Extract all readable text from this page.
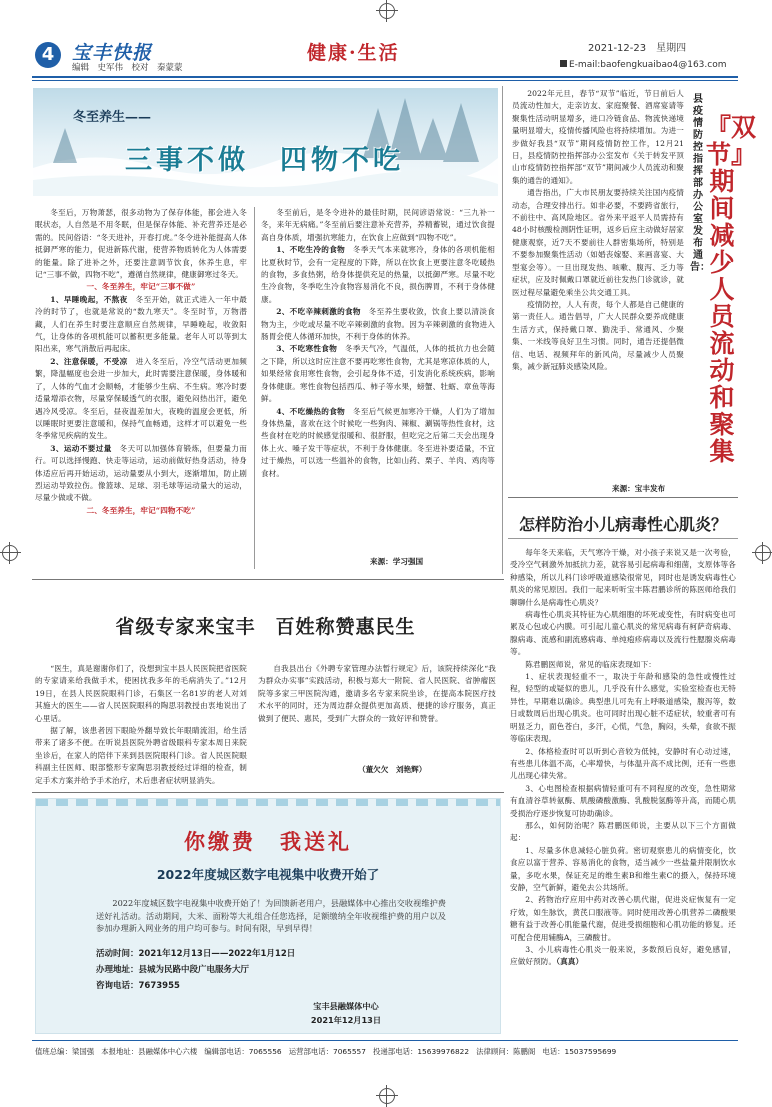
4 宝丰快报
编辑　史军伟　校对　秦蒙蒙
健康·生活	2021-12-23　星期四
E-mail:baofengkuaibao4@163.com
冬至养生——
三事不做　四物不吃

冬至后，万物萧瑟，很多动物为了保存体能，都会进入冬眠状态，人自然是不用冬眠，但是保存体能、补充营养还是必需的。民间俗语：“冬天进补，开春打虎。”冬令进补能提高人体抵御严寒的能力，促进新陈代谢，使营养物质转化为人体需要的能量。除了进补之外，还要注意调节饮食，休养生息，牢记“三事不做，四物不吃”，遵循自然规律，健康御寒过冬天。

一、冬至养生，牢记“三事不做”

1、早睡晚起，不熬夜　冬至开始，就正式进入一年中最冷的时节了，也就是常说的“数九寒天”。冬至时节，万物潜藏，人们在养生时要注意顺应自然规律，早睡晚起，收敛阳气，让身体的各项机能可以蓄积更多能量。老年人可以等到太阳出来，寒气消散后再起床。

2、注意保暖，不受凉　进入冬至后，冷空气活动更加频繁，降温幅度也会进一步加大，此时需要注意保暖，身体暖和了，人体的气血才会顺畅，才能够少生病、不生病。寒冷时要适量增添衣物，尽量穿保暖透气的衣服，避免闷热出汗，避免遇冷风受凉。冬至后，昼夜温差加大，夜晚的温度会更低，所以睡眠时更要注意暖和，保持气血畅通，这样才可以避免一些冬季常见疾病的发生。

3、运动不要过量　冬天可以加强体育锻炼，但要量力而行。可以选择慢跑、快走等运动，运动前做好热身活动，待身体适应后再开始运动，运动量要从小到大，逐渐增加，防止剧烈运动导致拉伤。像篮球、足球、羽毛球等运动量大的运动，尽量少做或不做。

二、冬至养生，牢记“四物不吃”

冬至前后，是冬令进补的最佳时期，民间谚语常说：“三九补一冬，来年无病痛。”冬至前后要注意补充营养，养精蓄锐，通过饮食提高自身体质，增强抗寒能力，在饮食上应做到“四物不吃”。

1、不吃生冷的食物　冬季天气本来就寒冷，身体的各项机能相比夏秋时节，会有一定程度的下降，所以在饮食上更要注意冬吃暖热的食物，多食热粥，给身体提供充足的热量，以抵御严寒。尽量不吃生冷食物，冬季吃生冷食物容易消化不良，损伤脾胃，不利于身体健康。

2、不吃辛辣刺激的食物　冬至养生要收敛，饮食上要以清淡食物为主，少吃或尽量不吃辛辣刺激的食物。因为辛辣刺激的食物进入肠胃会使人体循环加快，不利于身体的休养。

3、不吃寒性食物　冬季天气冷，气温低，人体的抵抗力也会随之下降，所以这时应注意不要再吃寒性食物，尤其是寒凉体质的人，如果经常食用寒性食物，会引起身体不适，引发消化系统疾病，影响身体健康。寒性食物包括西瓜、柿子等水果，螃蟹、牡蛎、章鱼等海鲜。

4、不吃燥热的食物　冬至后气候更加寒冷干燥，人们为了增加身体热量，喜欢在这个时候吃一些狗肉、辣椒、涮锅等热性食材，这些食材在吃的时候感觉很暖和、很舒服，但吃完之后第二天会出现身体上火、嗓子发干等症状，不利于身体健康。冬至进补要适量，不宜过于燥热，可以选一些温补的食物，比如山药、栗子、羊肉、鸡肉等食材。

来源：学习强国
省级专家来宝丰　百姓称赞惠民生

“医生，真是谢谢你们了，没想到宝丰县人民医院把省医院的专家请来给我做手术，使困扰我多年的毛病消失了。”12月19日，在县人民医院眼科门诊，石集区一名81岁的老人对刘其施大的医生——省人民医院眼科的陶思羽教授由衷地说出了心里话。

据了解，该患者因下眼睑外翻导致长年眼睛流泪，给生活带来了诸多不便。在听说县医院外聘省级眼科专家本周日来院坐诊后，在家人的陪伴下来到县医院眼科门诊。省人民医院眼科副主任医师、眼部整形专家陶思羽教授经过详细的检查，制定手术方案并给予手术治疗，术后患者症状明显消失。

自我县出台《外聘专家管理办法暂行规定》后，该院持续深化“我为群众办实事”实践活动，积极与郑大一附院、省人民医院、省肿瘤医院等多家三甲医院沟通，邀请多名专家来院坐诊，在提高本院医疗技术水平的同时，还为周边群众提供更加高质、便捷的诊疗服务，真正做到了便民、惠民，受到广大群众的一致好评和赞誉。

（董欠欠　刘艳辉）
你缴费　我送礼
2022年度城区数字电视集中收费开始了
2022年度城区数字电视集中收费开始了！为回馈新老用户，县融媒体中心推出交收视维护费送好礼活动。活动期间，大米、面粉等大礼组合任您选择，足额缴纳全年收视维护费的用户以及参加办理新入网业务的用户均可参与。时间有限，早到早得！
活动时间：2021年12月13日——2022年1月12日
办理地址：县城为民路中段广电服务大厅
咨询电话：7673955
宝丰县融媒体中心
2021年12月13日

2022年元旦，春节“双节”临近，节日前后人员流动性加大，走亲访友、家庭聚餐、酒席宴请等聚集性活动明显增多，进口冷链食品、物流快递境量明显增大，疫情传播风险也将持续增加。为进一步做好我县“双节”期间疫情防控工作，12月21日，县疫情防控指挥部办公室发布《关于转发平顶山市疫情防控指挥部“双节”期间减少人员流动和聚集的通告的通知》。

通告指出，广大市民朋友要持续关注国内疫情动态，合理安排出行。如非必要，不要跨省旅行，不前往中、高风险地区。省外来平返平人员需持有48小时核酸检测阴性证明，返乡后应主动做好居家健康观察，近7天不要前往人群密集场所，特别是不要参加聚集性活动（如婚丧嫁娶、来画喜宴、大型宴会等）。一旦出现发热、咳嗽、腹泻、乏力等症状，应及时佩戴口罩就近前往发热门诊就诊，就医过程尽量避免乘坐公共交通工具。

疫情防控，人人有责，每个人都是自己健康的第一责任人。通告倡导，广大人民群众要养成健康生活方式，保持戴口罩、勤洗手、常通风、少聚集、一米线等良好卫生习惯。同时，通告还提倡微信、电话、视频拜年的新风尚，尽量减少人员聚集，减少新冠肺炎感染风险。

来源：宝丰发布
县疫情防控指挥部办公室发布通告：
『双节』期间减少人员流动和聚集
怎样防治小儿病毒性心肌炎？

每年冬天来临，天气寒冷干燥，对小孩子来说又是一次考验，受冷空气刺激外加抵抗力差，就容易引起病毒和细菌，支原体等各种感染，所以儿科门诊呼吸道感染很常见，同时也是诱发病毒性心肌炎的常见原因。我们一起来听听宝丰陈君鹏诊所的陈医师给我们聊聊什么是病毒性心肌炎？

病毒性心肌炎其特征为心肌细胞的坏死或变性，有时病变也可累及心包或心内膜。可引起儿童心肌炎的常见病毒有柯萨奇病毒、腺病毒、流感和副流感病毒、单纯疱疹病毒以及流行性腮腺炎病毒等。

陈君鹏医师说，常见的临床表现如下：

1、症状表现轻重不一，取决于年龄和感染的急性或慢性过程，轻型的或疑似的患儿，几乎没有什么感觉，实验室检查也无特异性，早期难以确诊。典型患儿可先有上呼吸道感染，腹泻等，数日或数周后出现心肌炎。也可同时出现心脏不适症状，较重者可有明显乏力，面色苍白，多汗，心慌，气急，胸闷，头晕，食欲不振等临床表现。

2、体格检查时可以听到心音较为低钝，安静时有心动过速，有些患儿体温不高，心率增快，与体温升高不成比例，还有一些患儿出现心律失常。

3、心电图检查根据病情轻重可有不同程度的改变，急性期常有血清谷草转氨酶、肌酸磷酸激酶、乳酸脱氢酶等升高，而随心肌受损治疗逐步恢复可协助确诊。

那么，如何防治呢？陈君鹏医师说，主要从以下三个方面做起：

1、尽量多休息减轻心脏负荷。密切观察患儿的病情变化，饮食应以富于营养、容易消化的食物，适当减少一些盐量并限制饮水量，多吃水果，保证充足的维生素B和维生素C的摄入，保持环境安静，空气新鲜，避免去公共场所。

2、药物治疗应用中药对改善心肌代谢，促进炎症恢复有一定疗效，如生脉饮，黄芪口服液等。同时使用改善心肌营养二磷酸果糖有益于改善心肌能量代谢，促进受损细胞和心肌功能的修复。还可配合使用辅酶A，三磷酸甘。

3、小儿病毒性心肌炎一般来说，多数预后良好，避免感冒，应做好预防。（真真）

值班总编：梁国强 本报地址：县融媒体中心六楼 编辑部电话：7065556 运营部电话：7065557 投递部电话：15639976822 法律顾问：陈鹏阁 电话：15037595699
